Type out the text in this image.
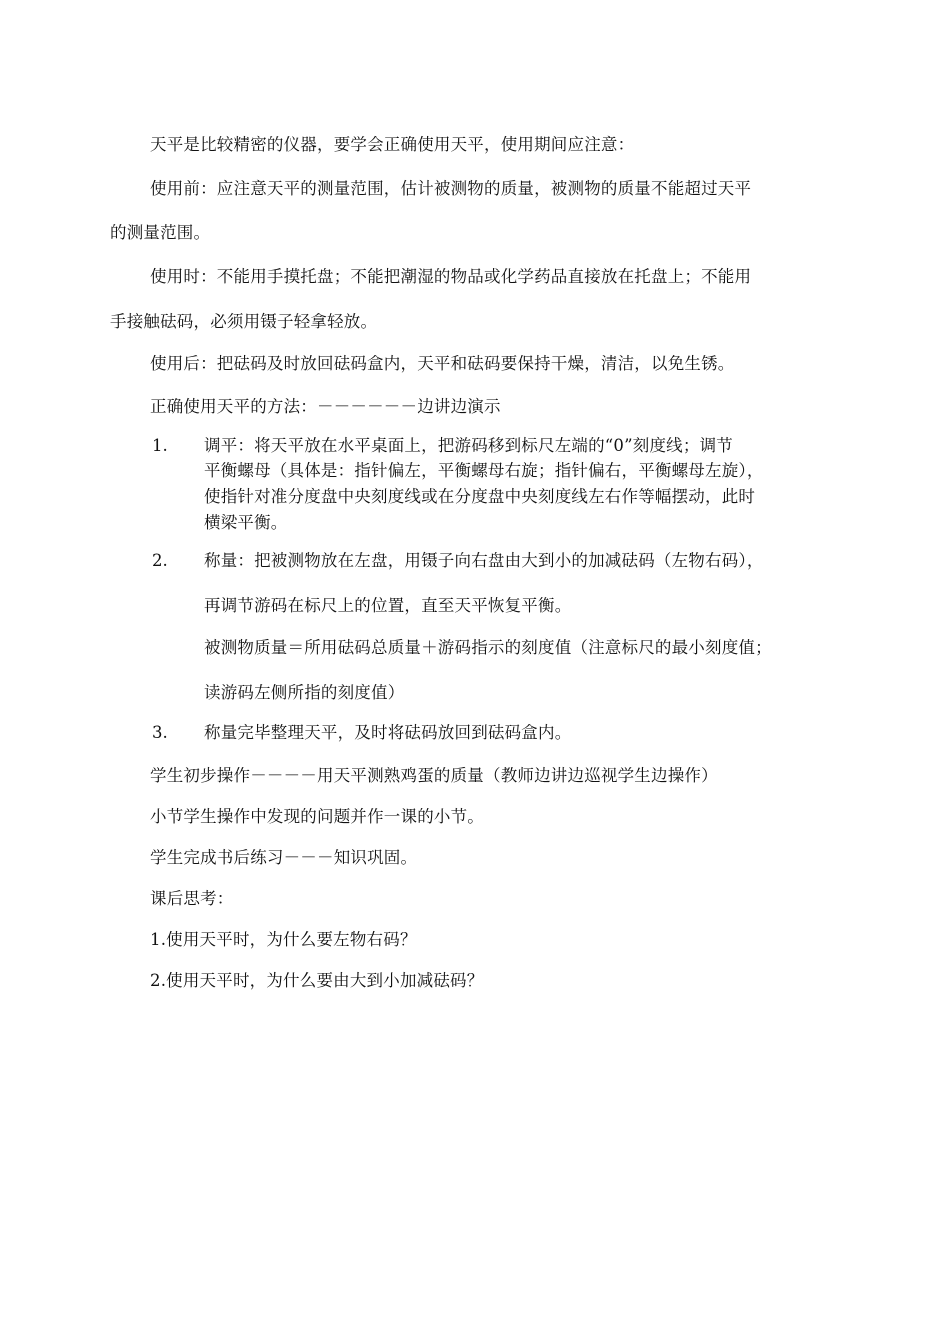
天平是比较精密的仪器，要学会正确使用天平，使用期间应注意：
使用前：应注意天平的测量范围，估计被测物的质量，被测物的质量不能超过天平
的测量范围。
使用时：不能用手摸托盘；不能把潮湿的物品或化学药品直接放在托盘上；不能用
手接触砝码，必须用镊子轻拿轻放。
使用后：把砝码及时放回砝码盒内，天平和砝码要保持干燥，清洁，以免生锈。
正确使用天平的方法：－－－－－－边讲边演示
1. 调平：将天平放在水平桌面上，把游码移到标尺左端的“0”刻度线；调节
平衡螺母（具体是：指针偏左，平衡螺母右旋；指针偏右，平衡螺母左旋），
使指针对准分度盘中央刻度线或在分度盘中央刻度线左右作等幅摆动，此时
横梁平衡。
2. 称量：把被测物放在左盘，用镊子向右盘由大到小的加减砝码（左物右码），
再调节游码在标尺上的位置，直至天平恢复平衡。
被测物质量＝所用砝码总质量＋游码指示的刻度值（注意标尺的最小刻度值；
读游码左侧所指的刻度值）
3. 称量完毕整理天平，及时将砝码放回到砝码盒内。
学生初步操作－－－－用天平测熟鸡蛋的质量（教师边讲边巡视学生边操作）
小节学生操作中发现的问题并作一课的小节。
学生完成书后练习－－－知识巩固。
课后思考：
1.使用天平时，为什么要左物右码？
2.使用天平时，为什么要由大到小加减砝码？
